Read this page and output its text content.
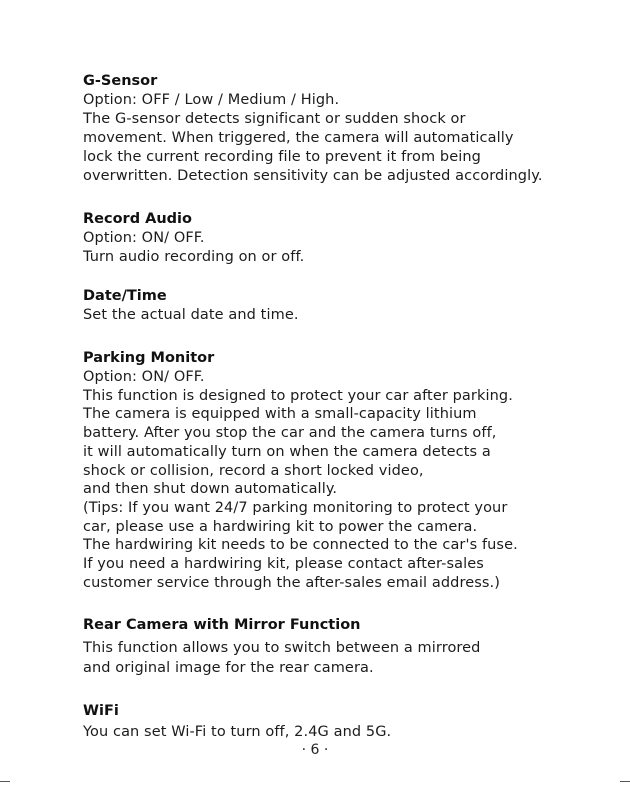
G-Sensor
Option: OFF / Low / Medium / High.
The G-sensor detects significant or sudden shock or
movement. When triggered, the camera will automatically
lock the current recording file to prevent it from being
overwritten. Detection sensitivity can be adjusted accordingly.
Record Audio
Option: ON/ OFF.
Turn audio recording on or off.
Date/Time
Set the actual date and time.
Parking Monitor
Option: ON/ OFF.
This function is designed to protect your car after parking.
The camera is equipped with a small-capacity lithium
battery. After you stop the car and the camera turns off,
it will automatically turn on when the camera detects a
shock or collision, record a short locked video,
and then shut down automatically.
(Tips: If you want 24/7 parking monitoring to protect your
car, please use a hardwiring kit to power the camera.
The hardwiring kit needs to be connected to the car's fuse.
If you need a hardwiring kit, please contact after-sales
customer service through the after-sales email address.)
Rear Camera with Mirror Function
This function allows you to switch between a mirrored
and original image for the rear camera.
WiFi
You can set Wi-Fi to turn off, 2.4G and 5G.
· 6 ·
